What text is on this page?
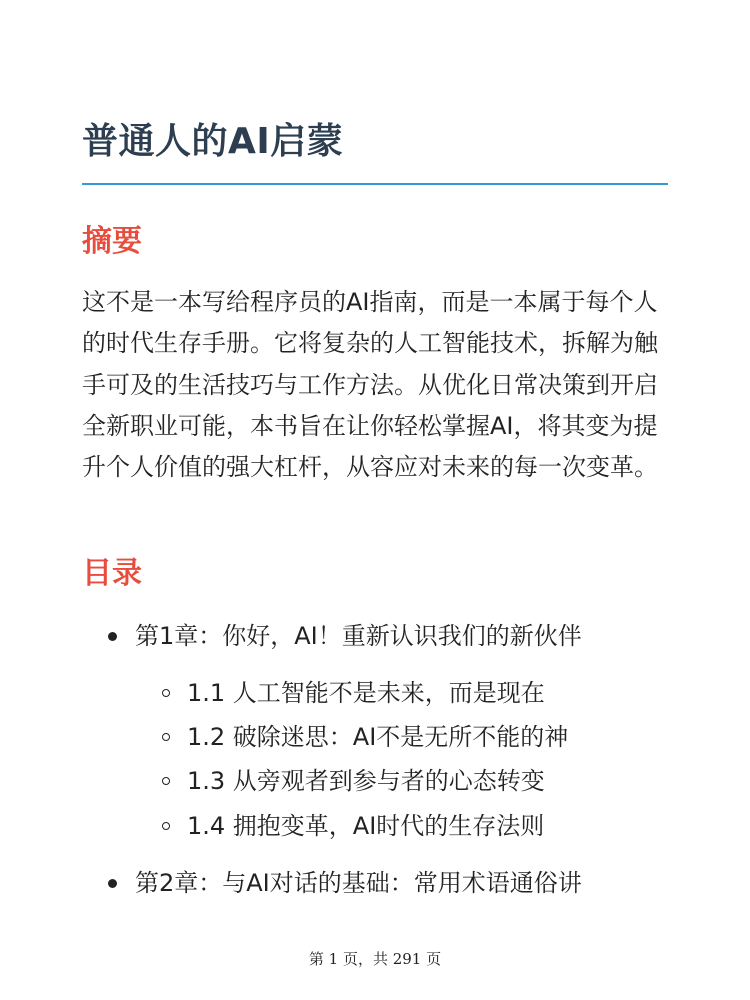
普通人的AI启蒙
摘要

这不是一本写给程序员的AI指南，而是一本属于每个人的时代生存手册。它将复杂的人工智能技术，拆解为触手可及的生活技巧与工作方法。从优化日常决策到开启全新职业可能，本书旨在让你轻松掌握AI，将其变为提升个人价值的强大杠杆，从容应对未来的每一次变革。

目录
第1章：你好，AI！重新认识我们的新伙伴
1.1 人工智能不是未来，而是现在
1.2 破除迷思：AI不是无所不能的神
1.3 从旁观者到参与者的心态转变
1.4 拥抱变革，AI时代的生存法则
第2章：与AI对话的基础：常用术语通俗讲
第 1 页，共 291 页
